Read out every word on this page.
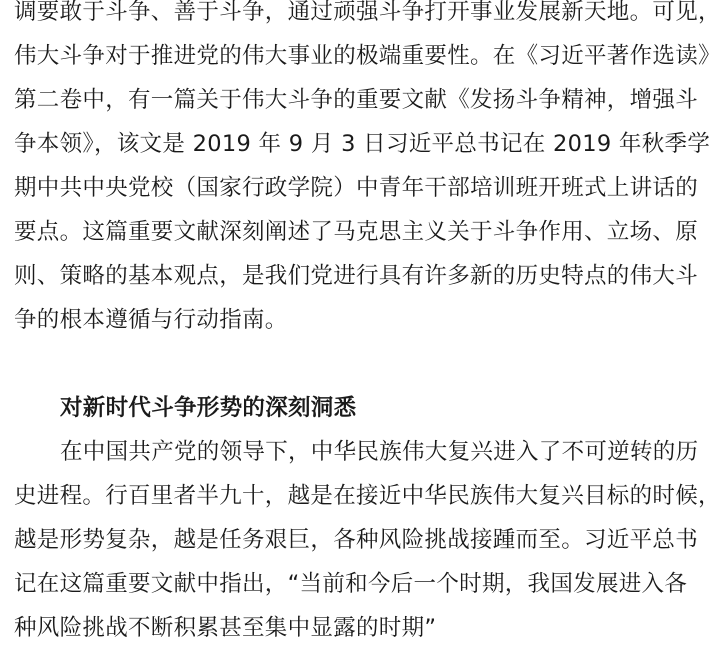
调要敢于斗争、善于斗争，通过顽强斗争打开事业发展新天地。可见，
伟大斗争对于推进党的伟大事业的极端重要性。在《习近平著作选读》
第二卷中，有一篇关于伟大斗争的重要文献《发扬斗争精神，增强斗
争本领》，该文是 2019 年 9 月 3 日习近平总书记在 2019 年秋季学
期中共中央党校（国家行政学院）中青年干部培训班开班式上讲话的
要点。这篇重要文献深刻阐述了马克思主义关于斗争作用、立场、原
则、策略的基本观点，是我们党进行具有许多新的历史特点的伟大斗
争的根本遵循与行动指南。
对新时代斗争形势的深刻洞悉
在中国共产党的领导下，中华民族伟大复兴进入了不可逆转的历
史进程。行百里者半九十，越是在接近中华民族伟大复兴目标的时候，
越是形势复杂，越是任务艰巨，各种风险挑战接踵而至。习近平总书
记在这篇重要文献中指出，“当前和今后一个时期，我国发展进入各
种风险挑战不断积累甚至集中显露的时期”
